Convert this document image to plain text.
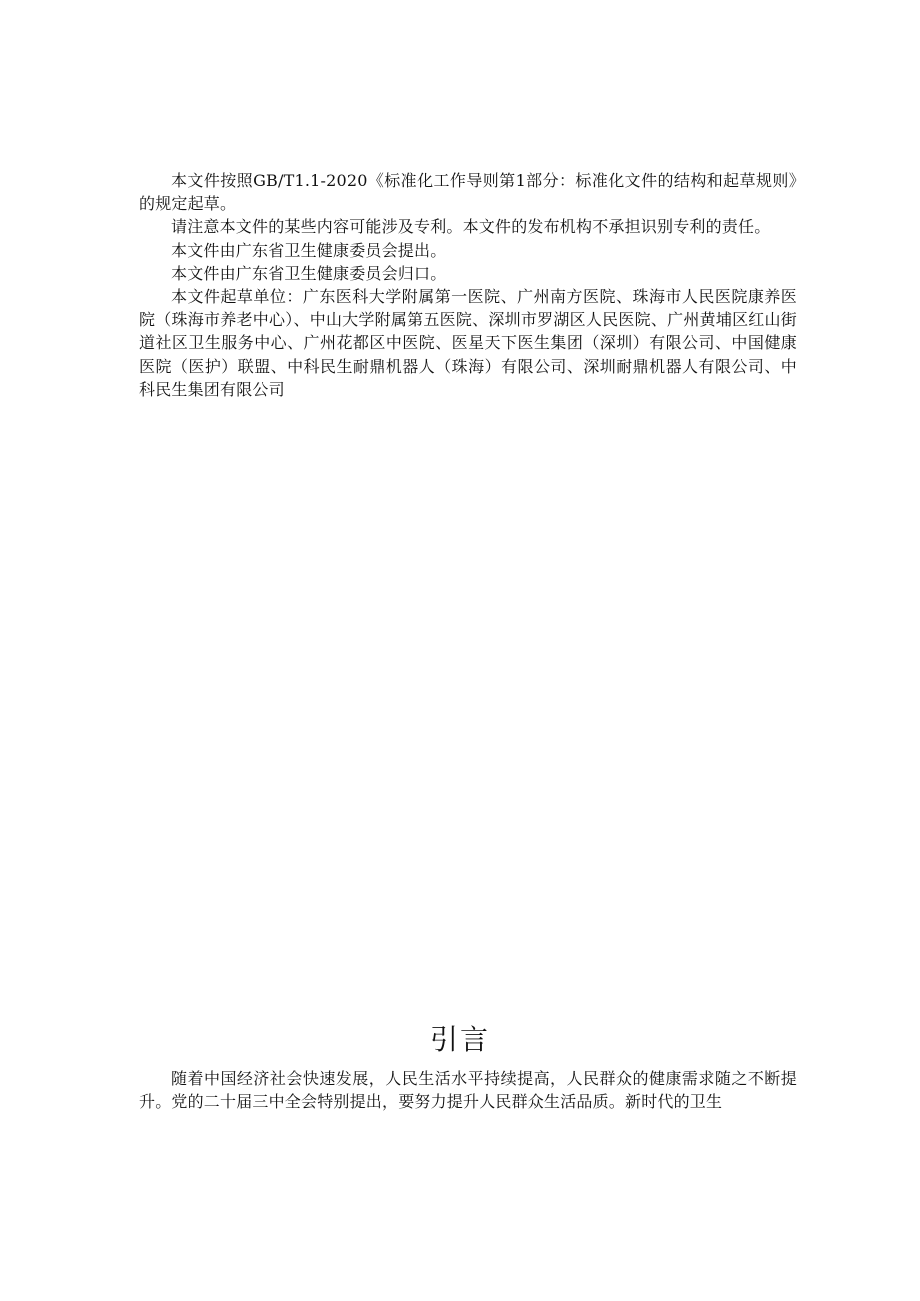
本文件按照GB/T1.1-2020《标准化工作导则第1部分：标准化文件的结构和起草规则》的规定起草。

请注意本文件的某些内容可能涉及专利。本文件的发布机构不承担识别专利的责任。

本文件由广东省卫生健康委员会提出。

本文件由广东省卫生健康委员会归口。

本文件起草单位：广东医科大学附属第一医院、广州南方医院、珠海市人民医院康养医院（珠海市养老中心）、中山大学附属第五医院、深圳市罗湖区人民医院、广州黄埔区红山街道社区卫生服务中心、广州花都区中医院、医星天下医生集团（深圳）有限公司、中国健康医院（医护）联盟、中科民生耐鼎机器人（珠海）有限公司、深圳耐鼎机器人有限公司、中科民生集团有限公司

引言

随着中国经济社会快速发展，人民生活水平持续提高，人民群众的健康需求随之不断提升。党的二十届三中全会特别提出，要努力提升人民群众生活品质。新时代的卫生
